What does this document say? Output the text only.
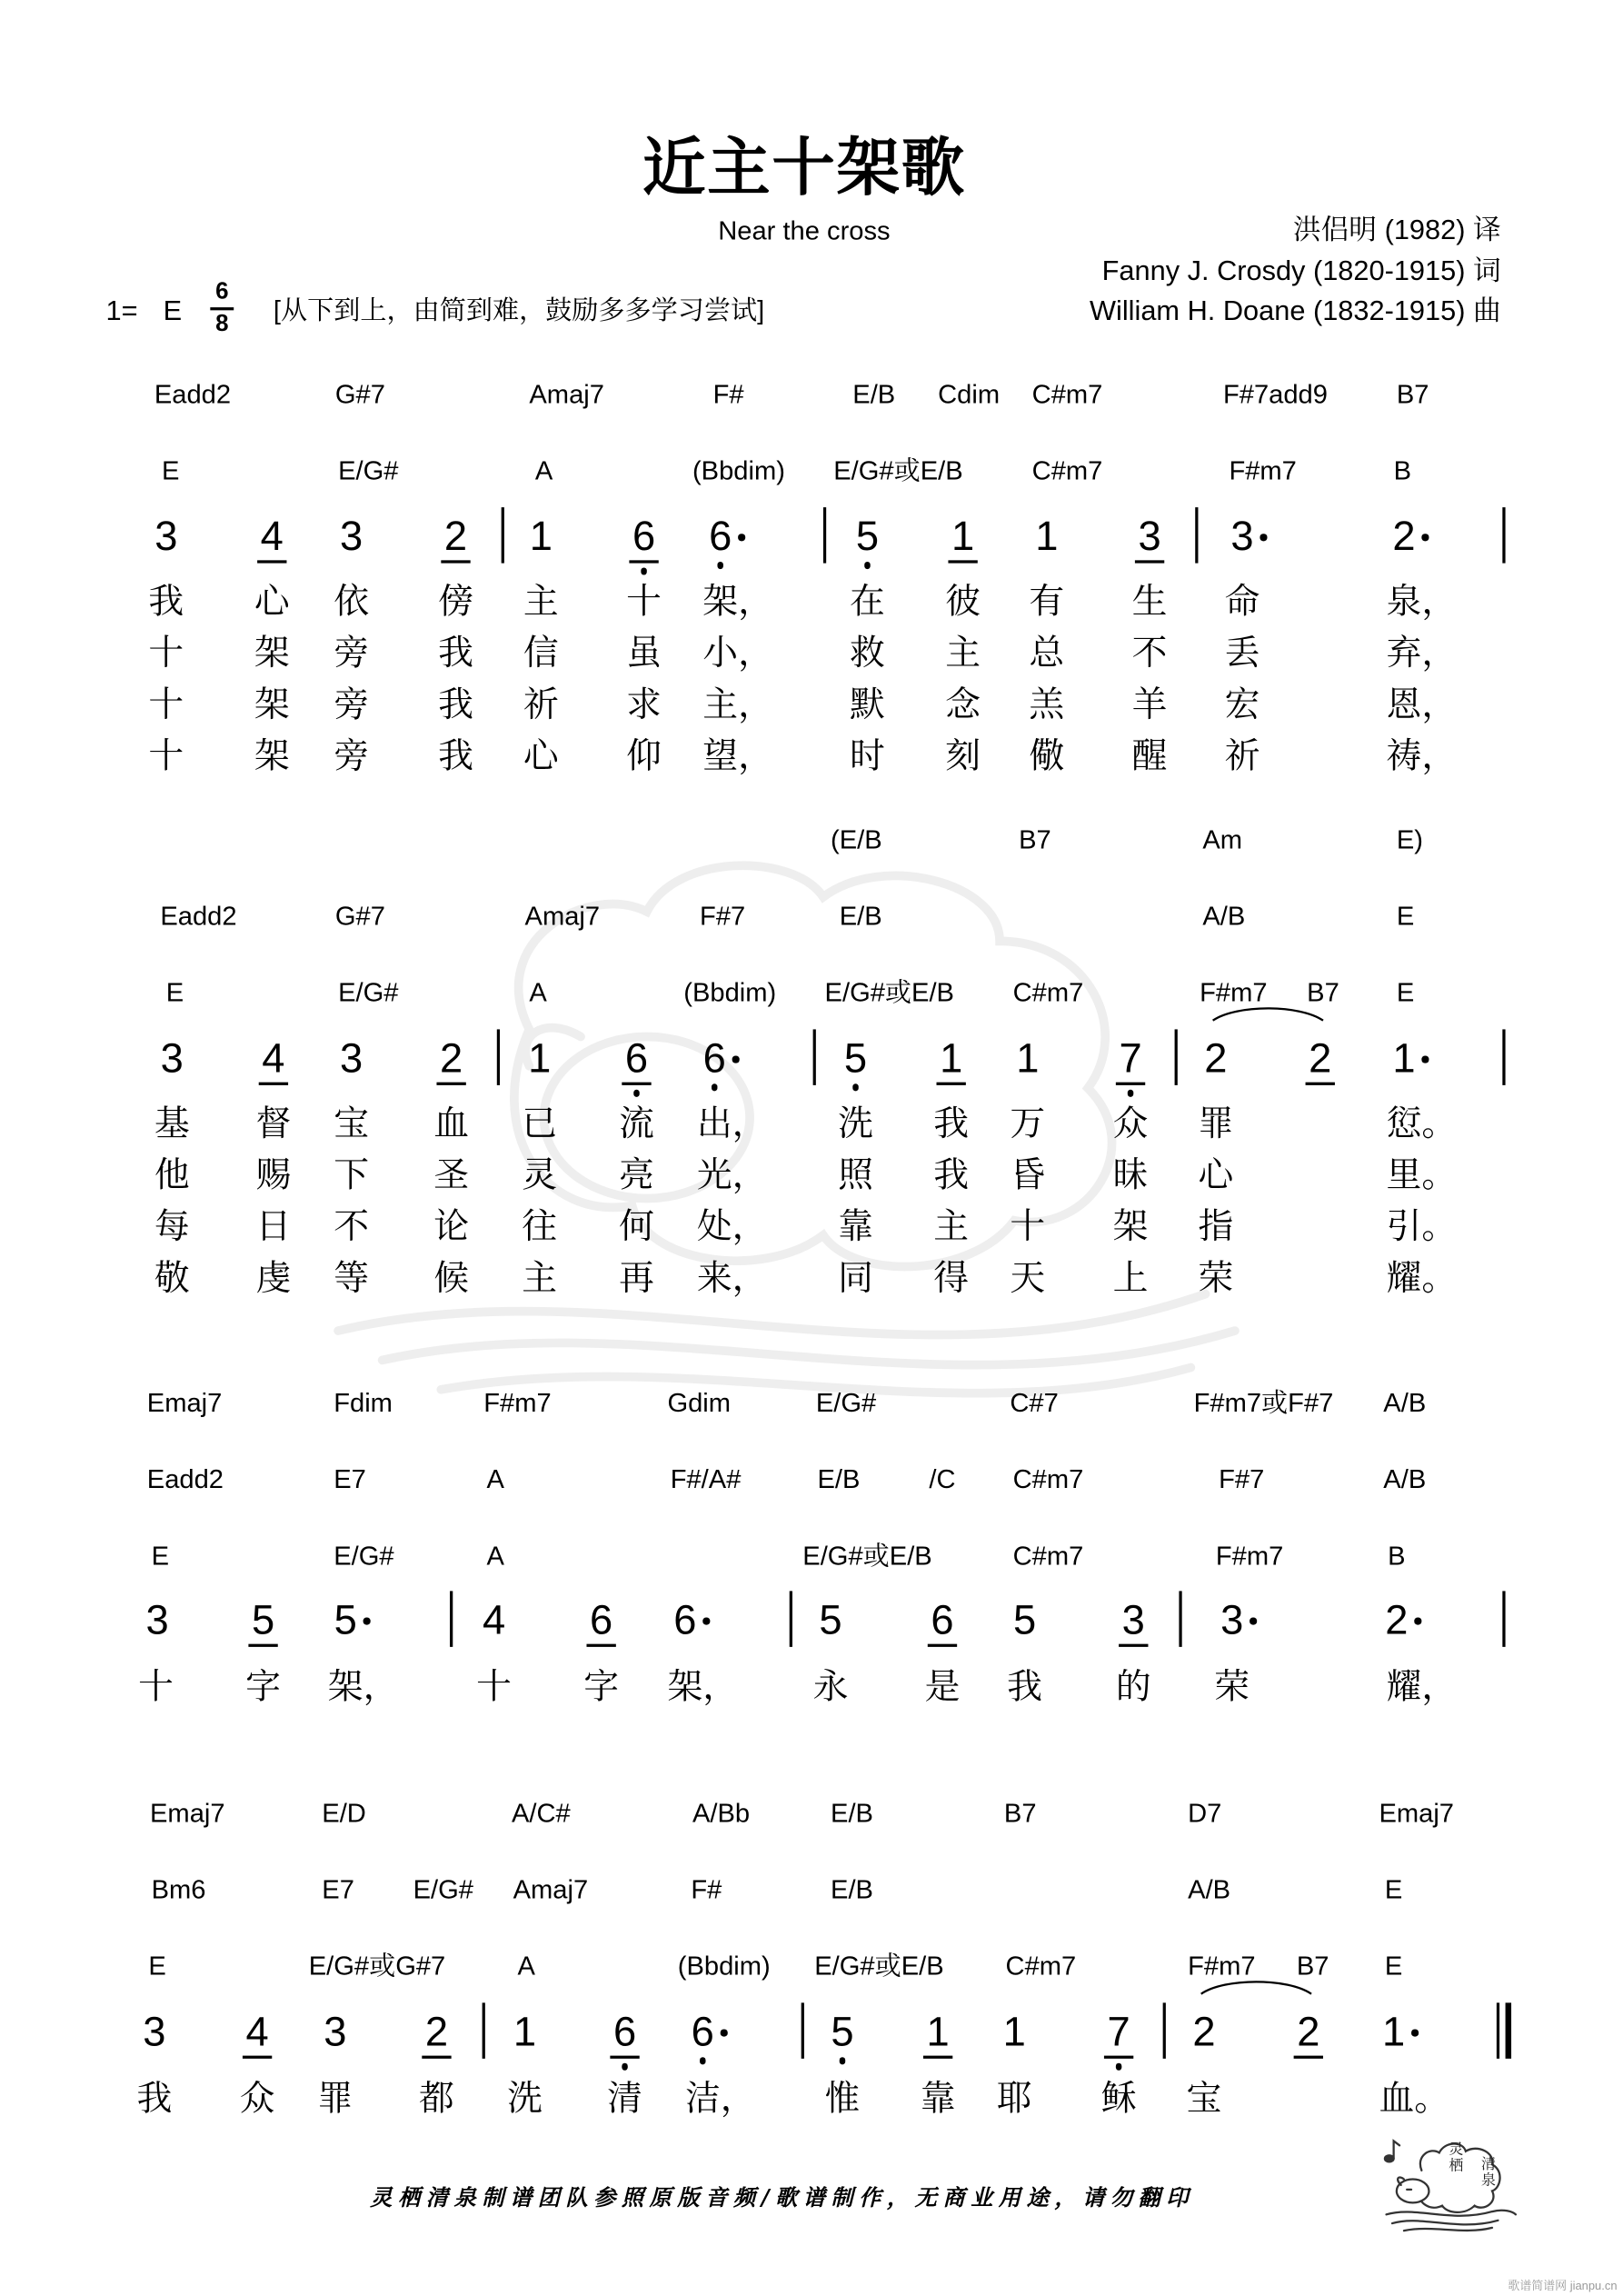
近主十架歌
Near the cross	洪侣明 (1982) 译
Fanny J. Crosdy (1820-1915) 词
William H. Doane (1832-1915) 曲
1= E
6
8	[从下到上，由简到难，鼓励多多学习尝试]
灵栖清泉制谱团队参照原版音频/歌谱制作，无商业用途，请勿翻印
灵栖 清泉
歌谱简谱网 jianpu.cn
Eadd2	G#7	Amaj7	F#	E/B	Cdim C#m7	F#7add9	B7
E	E/G#	A	(Bbdim)	E/G#或E/B	C#m7	F#m7	B
3	4 3	2 1	6 6	5	1 1	3	3	2
我	心 依	傍 主	十 架，	在	彼 有	生	命	泉，
十	架 旁	我 信	虽 小，	救	主 总	不	丢	弃，
十	架 旁	我 祈	求 主，	默	念 羔	羊	宏	恩，
十	架 旁	我 心	仰 望，	时	刻 儆	醒	祈	祷，
(E/B	B7	Am	E)
Eadd2	G#7	Amaj7	F#7	E/B	A/B	E
E	E/G#	A	(Bbdim)	E/G#或E/B	C#m7	F#m7 B7	E
3	4 3	2	1	6 6	5	1 1	7 2	2 1
基	督 宝	血 已	流 出，	洗	我 万	众 罪	愆。
他	赐 下	圣 灵	亮 光，	照	我 昏	昧 心	里。
每	日 不	论 往	何 处，	靠	主 十	架 指	引。
敬	虔 等	候 主	再 来，	同	得 天	上 荣	耀。
Emaj7	Fdim	F#m7	Gdim	E/G#	C#7	F#m7或F#7	A/B
Eadd2	E7	A	F#/A#	E/B	/C	C#m7	F#7	A/B
E	E/G#	A	E/G#或E/B	C#m7	F#m7	B
3	5 5	4	6 6	5	6 5	3	3	2
十	字 架，	十	字 架，	永	是 我	的	荣	耀，
Emaj7	E/D	A/C#	A/Bb	E/B	B7	D7	Emaj7
Bm6	E7	E/G# Amaj7	F#	E/B	A/B	E
E	E/G#或G#7	A	(Bbdim)	E/G#或E/B	C#m7	F#m7	B7	E
3	4 3	2	1	6 6	5	1 1	7 2	2 1
我	众 罪	都 洗	清 洁，	惟	靠 耶	稣 宝	血。
